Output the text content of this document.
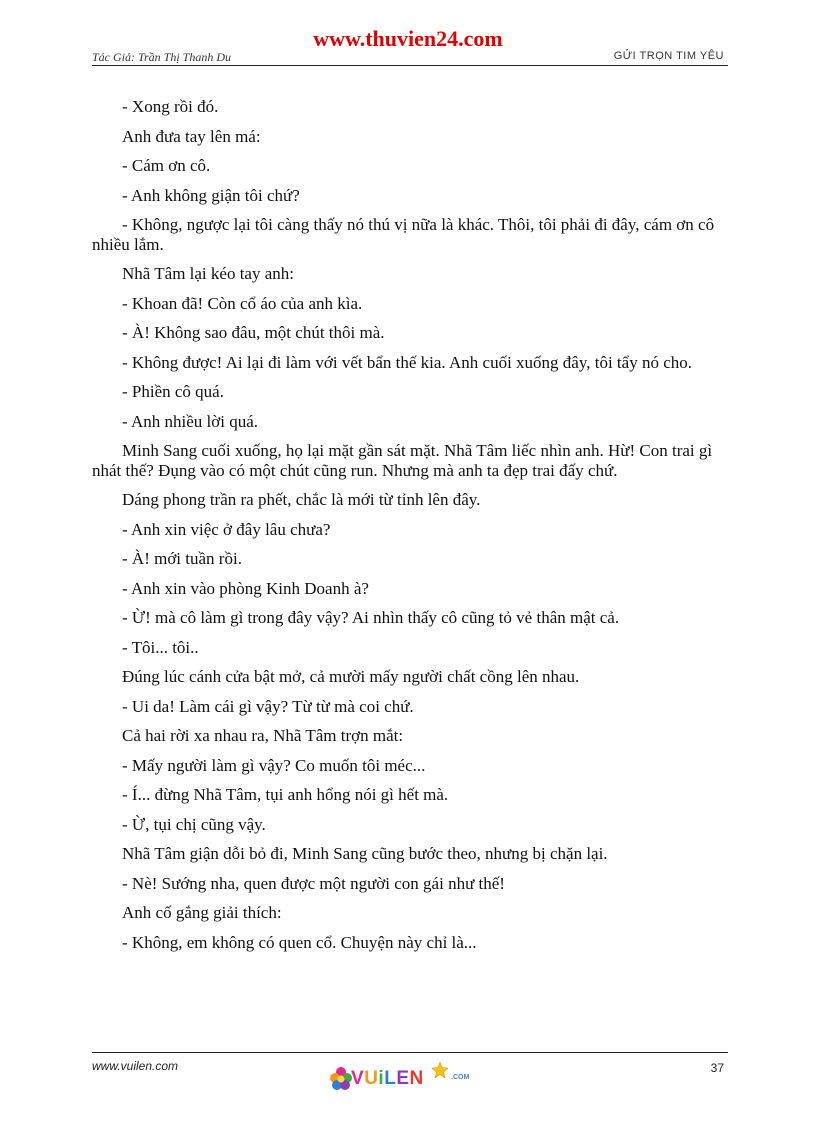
www.thuvien24.com
Tác Giả: Trần Thị Thanh Du	GỬI TRỌN TIM YÊU

- Xong rồi đó.

Anh đưa tay lên má:

- Cám ơn cô.

- Anh không giận tôi chứ?

- Không, ngược lại tôi càng thấy nó thú vị nữa là khác. Thôi, tôi phải đi đây, cám ơn cô nhiều lắm.

Nhã Tâm lại kéo tay anh:

- Khoan đã! Còn cổ áo của anh kìa.

- À! Không sao đâu, một chút thôi mà.

- Không được! Ai lại đi làm với vết bẩn thế kia. Anh cuối xuống đây, tôi tẩy nó cho.

- Phiền cô quá.

- Anh nhiều lời quá.

Minh Sang cuối xuống, họ lại mặt gần sát mặt. Nhã Tâm liếc nhìn anh. Hừ! Con trai gì nhát thế? Đụng vào có một chút cũng run. Nhưng mà anh ta đẹp trai đấy chứ.

Dáng phong trần ra phết, chắc là mới từ tỉnh lên đây.

- Anh xin việc ở đây lâu chưa?

- À! mới tuần rồi.

- Anh xin vào phòng Kinh Doanh à?

- Ừ! mà cô làm gì trong đây vậy? Ai nhìn thấy cô cũng tỏ vẻ thân mật cả.

- Tôi... tôi..

Đúng lúc cánh cửa bật mở, cả mười mấy người chất cồng lên nhau.

- Ui da! Làm cái gì vậy? Từ từ mà coi chứ.

Cả hai rời xa nhau ra, Nhã Tâm trợn mắt:

- Mấy người làm gì vậy? Co muốn tôi méc...

- Í... đừng Nhã Tâm, tụi anh hổng nói gì hết mà.

- Ừ, tụi chị cũng vậy.

Nhã Tâm giận dỗi bỏ đi, Minh Sang cũng bước theo, nhưng bị chặn lại.

- Nè! Sướng nha, quen được một người con gái như thế!

Anh cố gắng giải thích:

- Không, em không có quen cổ. Chuyện này chỉ là...

www.vuilen.com	37
VUiLEN	.COM
